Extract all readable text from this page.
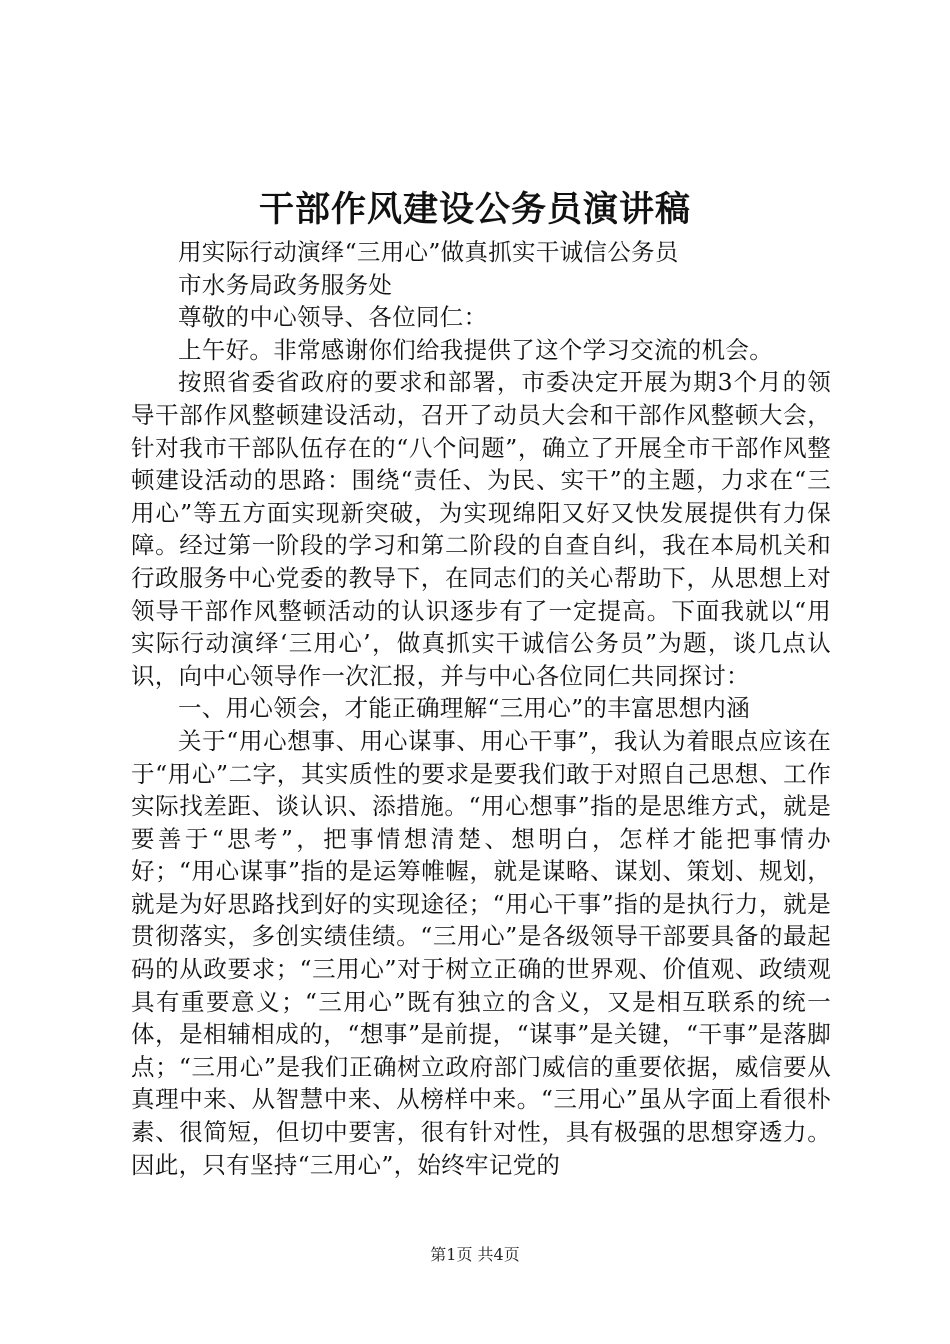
干部作风建设公务员演讲稿

用实际行动演绎“三用心”做真抓实干诚信公务员

市水务局政务服务处

尊敬的中心领导、各位同仁：

上午好。非常感谢你们给我提供了这个学习交流的机会。

按照省委省政府的要求和部署，市委决定开展为期3个月的领导干部作风整顿建设活动，召开了动员大会和干部作风整顿大会，针对我市干部队伍存在的“八个问题”，确立了开展全市干部作风整顿建设活动的思路：围绕“责任、为民、实干”的主题，力求在“三用心”等五方面实现新突破，为实现绵阳又好又快发展提供有力保障。经过第一阶段的学习和第二阶段的自查自纠，我在本局机关和行政服务中心党委的教导下，在同志们的关心帮助下，从思想上对领导干部作风整顿活动的认识逐步有了一定提高。下面我就以“用实际行动演绎‘三用心’，做真抓实干诚信公务员”为题，谈几点认识，向中心领导作一次汇报，并与中心各位同仁共同探讨：

一、用心领会，才能正确理解“三用心”的丰富思想内涵

关于“用心想事、用心谋事、用心干事”，我认为着眼点应该在于“用心”二字，其实质性的要求是要我们敢于对照自己思想、工作实际找差距、谈认识、添措施。“用心想事”指的是思维方式，就是要善于“思考”，把事情想清楚、想明白，怎样才能把事情办好；“用心谋事”指的是运筹帷幄，就是谋略、谋划、策划、规划，就是为好思路找到好的实现途径；“用心干事”指的是执行力，就是贯彻落实，多创实绩佳绩。“三用心”是各级领导干部要具备的最起码的从政要求；“三用心”对于树立正确的世界观、价值观、政绩观具有重要意义；“三用心”既有独立的含义，又是相互联系的统一体，是相辅相成的，“想事”是前提，“谋事”是关键，“干事”是落脚点；“三用心”是我们正确树立政府部门威信的重要依据，威信要从真理中来、从智慧中来、从榜样中来。“三用心”虽从字面上看很朴素、很简短，但切中要害，很有针对性，具有极强的思想穿透力。因此，只有坚持“三用心”，始终牢记党的

第1页 共4页
